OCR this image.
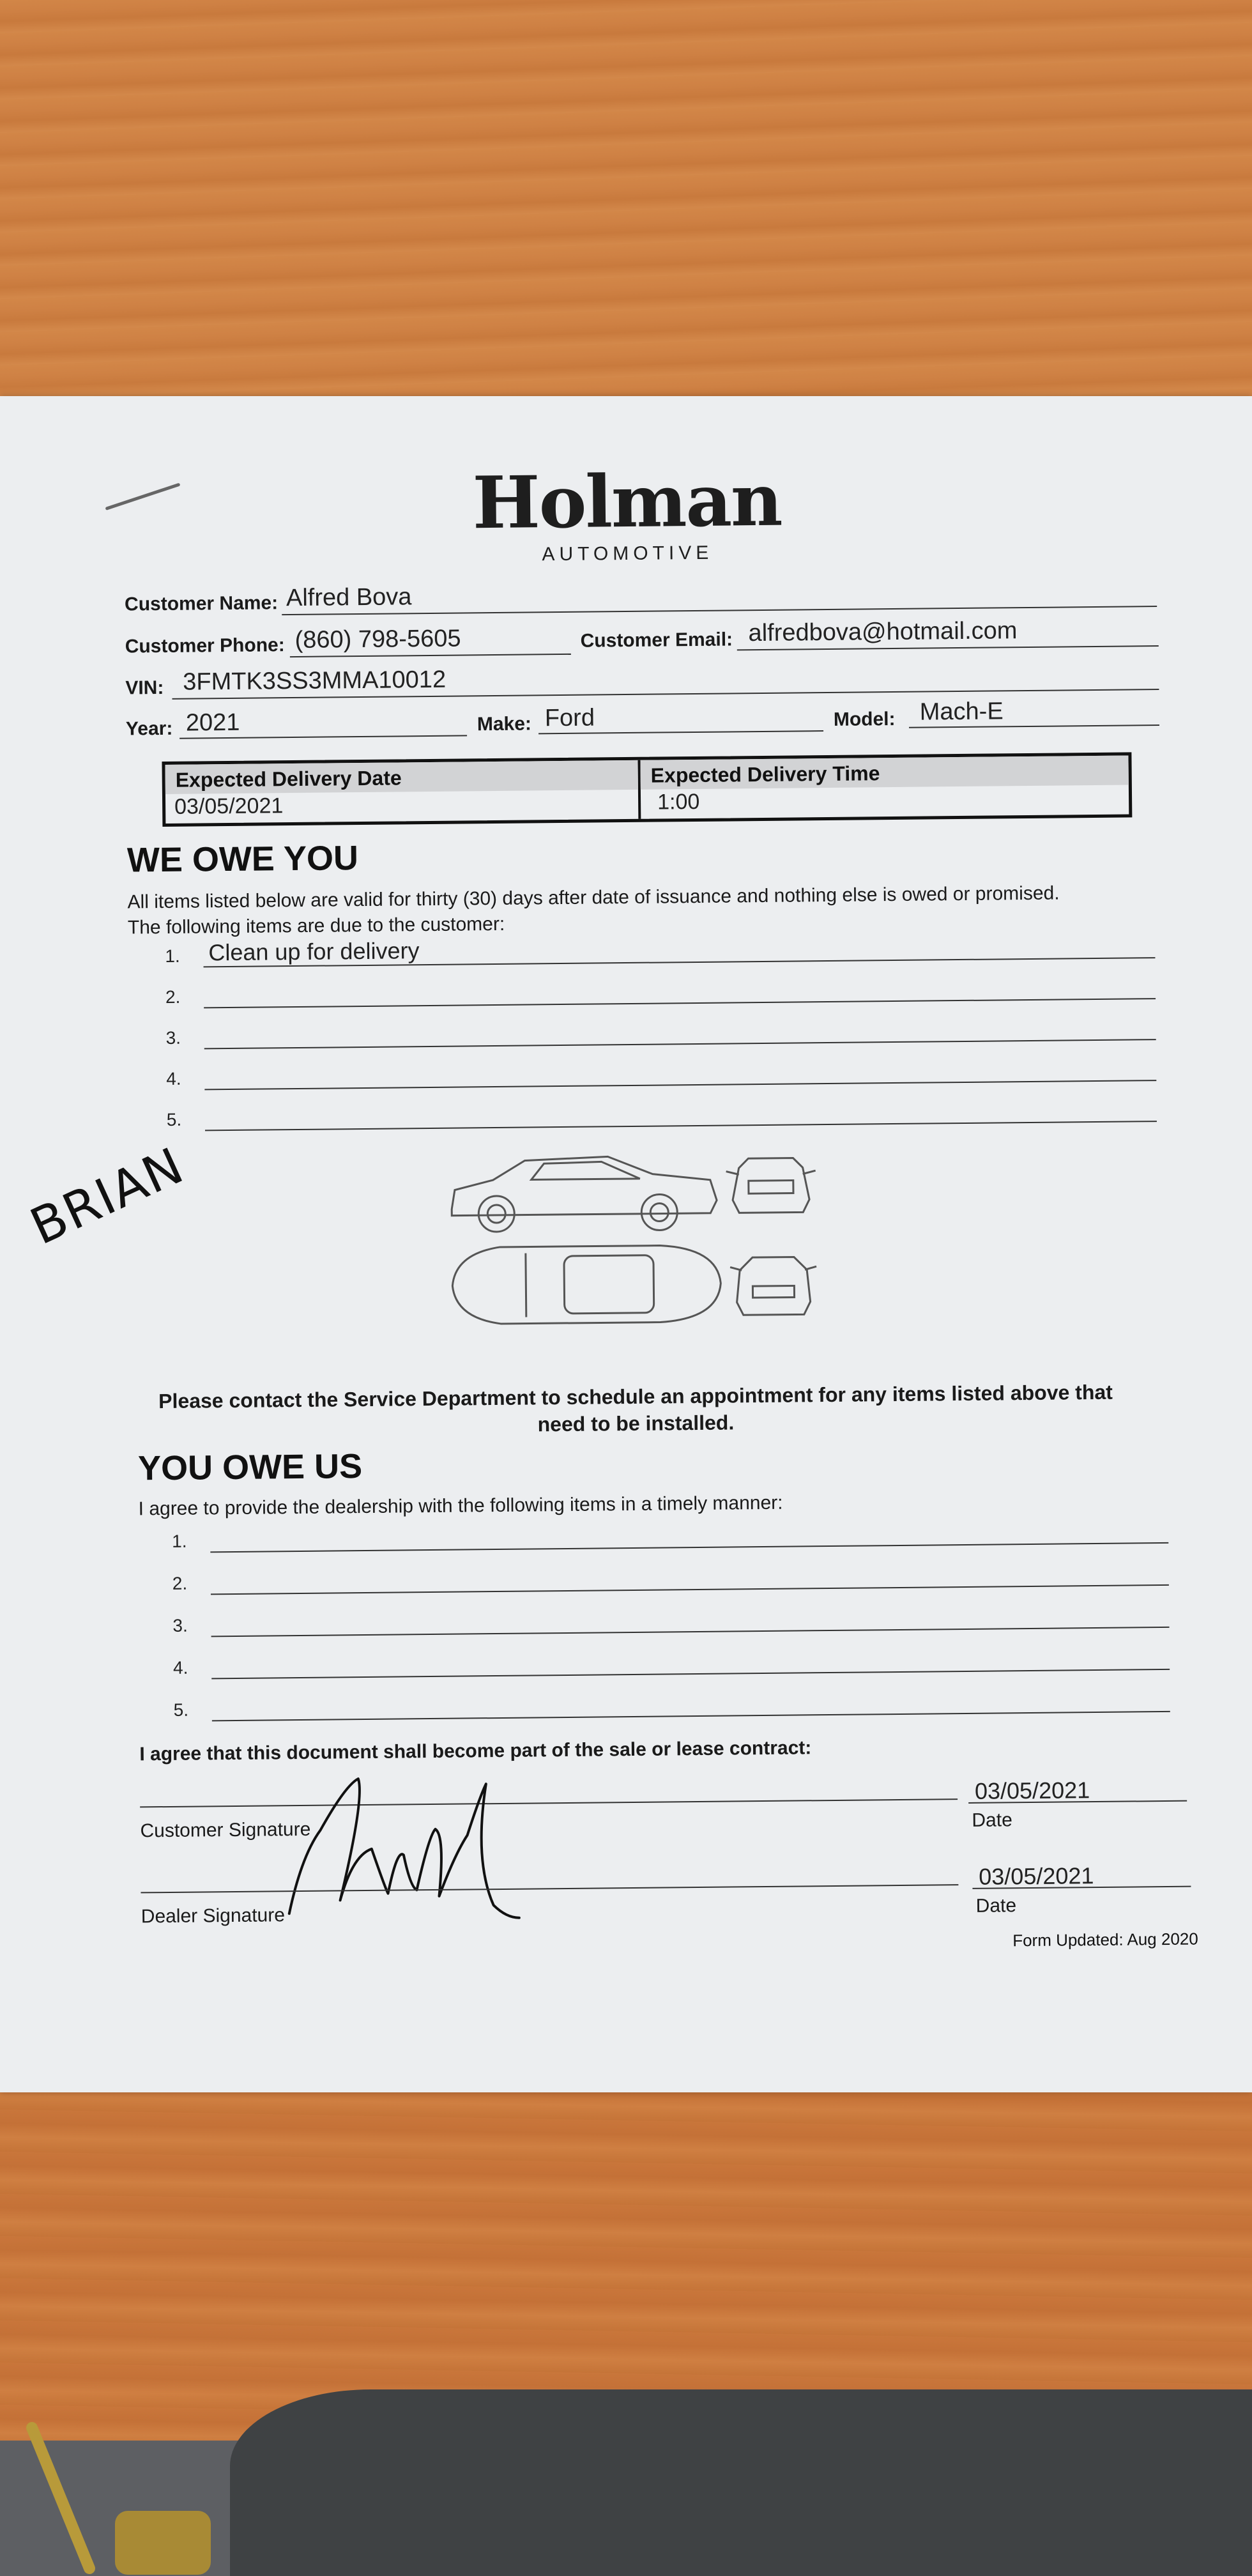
Holman
AUTOMOTIVE
Customer Name: Alfred Bova
Customer Phone: (860) 798-5605	Customer Email: alfredbova@hotmail.com
VIN: 3FMTK3SS3MMA10012
Year: 2021	Make: Ford	Model: Mach-E
Expected Delivery Date
03/05/2021
Expected Delivery Time
1:00
WE OWE YOU
All items listed below are valid for thirty (30) days after date of issuance and nothing else is owed or promised.
The following items are due to the customer:
1. Clean up for delivery
2.
3.
4.
5.
BRIAN
Please contact the Service Department to schedule an appointment for any items listed above that
need to be installed.
YOU OWE US
I agree to provide the dealership with the following items in a timely manner:
1.
2.
3.
4.
5.
I agree that this document shall become part of the sale or lease contract:
Customer Signature
03/05/2021
Date
Dealer Signature
03/05/2021
Date
Form Updated: Aug 2020
